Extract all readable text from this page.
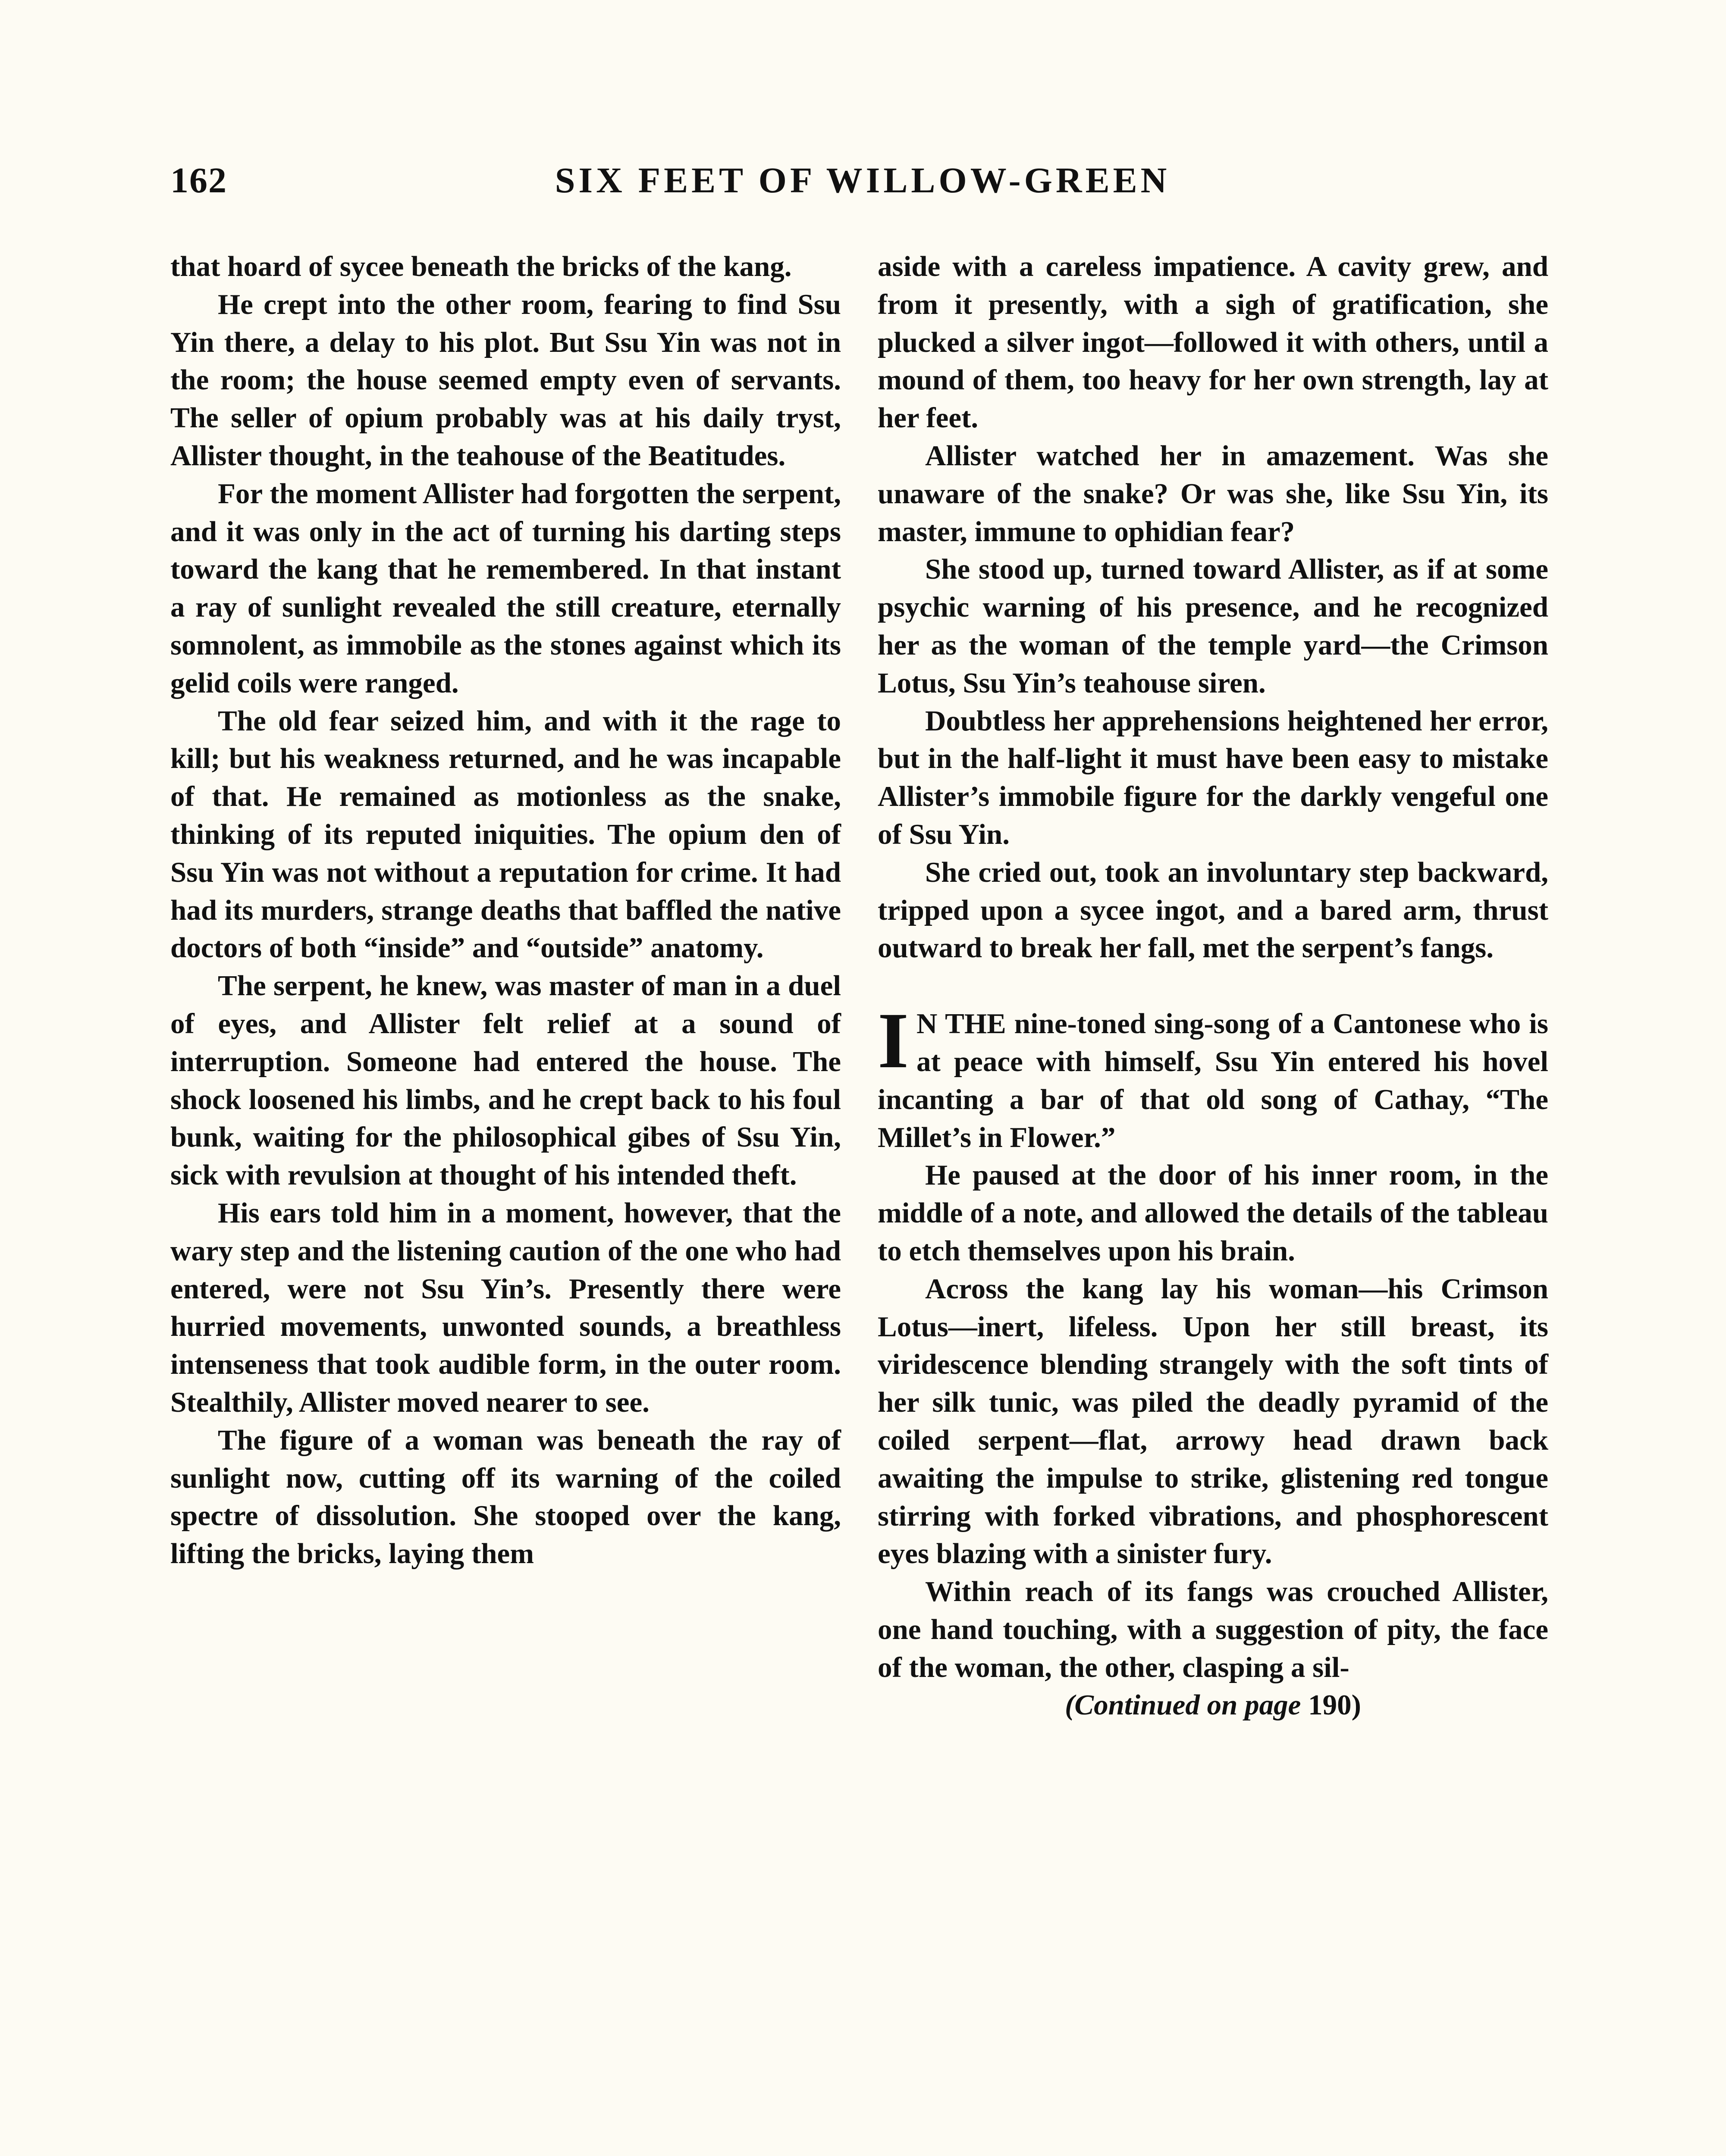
162	SIX FEET OF WILLOW-GREEN

that hoard of sycee beneath the bricks of the kang.

He crept into the other room, fearing to find Ssu Yin there, a delay to his plot. But Ssu Yin was not in the room; the house seemed empty even of servants. The seller of opium probably was at his daily tryst, Allister thought, in the teahouse of the Beatitudes.

For the moment Allister had forgotten the serpent, and it was only in the act of turning his darting steps toward the kang that he remembered. In that instant a ray of sunlight revealed the still creature, eternally somnolent, as immobile as the stones against which its gelid coils were ranged.

The old fear seized him, and with it the rage to kill; but his weakness returned, and he was incapable of that. He remained as motionless as the snake, thinking of its reputed iniquities. The opium den of Ssu Yin was not without a reputation for crime. It had had its murders, strange deaths that baffled the native doctors of both “inside” and “outside” anatomy.

The serpent, he knew, was master of man in a duel of eyes, and Allister felt relief at a sound of interruption. Someone had entered the house. The shock loosened his limbs, and he crept back to his foul bunk, waiting for the philosophical gibes of Ssu Yin, sick with revulsion at thought of his intended theft.

His ears told him in a moment, however, that the wary step and the listening caution of the one who had entered, were not Ssu Yin’s. Presently there were hurried movements, unwonted sounds, a breathless intenseness that took audible form, in the outer room. Stealthily, Allister moved nearer to see.

The figure of a woman was beneath the ray of sunlight now, cutting off its warning of the coiled spectre of dissolution. She stooped over the kang, lifting the bricks, laying them

aside with a careless impatience. A cavity grew, and from it presently, with a sigh of gratification, she plucked a silver ingot—followed it with others, until a mound of them, too heavy for her own strength, lay at her feet.

Allister watched her in amazement. Was she unaware of the snake? Or was she, like Ssu Yin, its master, immune to ophidian fear?

She stood up, turned toward Allister, as if at some psychic warning of his presence, and he recognized her as the woman of the temple yard—the Crimson Lotus, Ssu Yin’s teahouse siren.

Doubtless her apprehensions heightened her error, but in the half-light it must have been easy to mistake Allister’s immobile figure for the darkly vengeful one of Ssu Yin.

She cried out, took an involuntary step backward, tripped upon a sycee ingot, and a bared arm, thrust outward to break her fall, met the serpent’s fangs.

I N THE nine-toned sing-song of a Cantonese who is at peace with himself, Ssu Yin entered his hovel incanting a bar of that old song of Cathay, “The Millet’s in Flower.”

He paused at the door of his inner room, in the middle of a note, and allowed the details of the tableau to etch themselves upon his brain.

Across the kang lay his woman—his Crimson Lotus—inert, lifeless. Upon her still breast, its viridescence blending strangely with the soft tints of her silk tunic, was piled the deadly pyramid of the coiled serpent—flat, arrowy head drawn back awaiting the impulse to strike, glistening red tongue stirring with forked vibrations, and phosphorescent eyes blazing with a sinister fury.

Within reach of its fangs was crouched Allister, one hand touching, with a suggestion of pity, the face of the woman, the other, clasping a sil-

(Continued on page 190)
